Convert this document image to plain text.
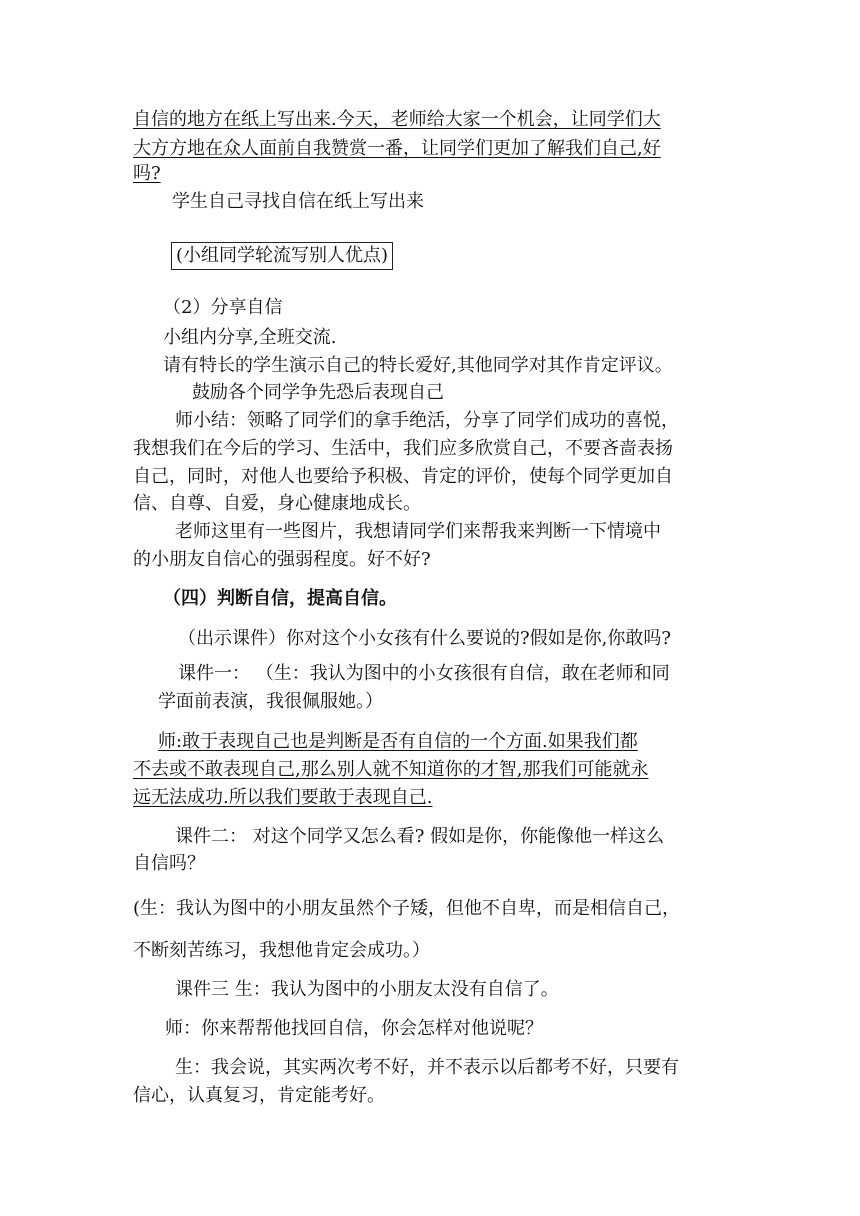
自信的地方在纸上写出来.今天，老师给大家一个机会，让同学们大
大方方地在众人面前自我赞赏一番，让同学们更加了解我们自己,好
吗?
学生自己寻找自信在纸上写出来
(小组同学轮流写别人优点)
（2）分享自信
小组内分享,全班交流.
请有特长的学生演示自己的特长爱好,其他同学对其作肯定评议。
鼓励各个同学争先恐后表现自己
师小结：领略了同学们的拿手绝活，分享了同学们成功的喜悦，
我想我们在今后的学习、生活中，我们应多欣赏自己，不要吝啬表扬
自己，同时，对他人也要给予积极、肯定的评价，使每个同学更加自
信、自尊、自爱，身心健康地成长。
老师这里有一些图片，我想请同学们来帮我来判断一下情境中
的小朋友自信心的强弱程度。好不好?
（四）判断自信，提高自信。
（出示课件）你对这个小女孩有什么要说的?假如是你,你敢吗?
课件一： （生：我认为图中的小女孩很有自信，敢在老师和同
学面前表演，我很佩服她。）
师:敢于表现自己也是判断是否有自信的一个方面.如果我们都
不去或不敢表现自己,那么别人就不知道你的才智,那我们可能就永
远无法成功.所以我们要敢于表现自己.
课件二： 对这个同学又怎么看? 假如是你，你能像他一样这么
自信吗？
(生：我认为图中的小朋友虽然个子矮，但他不自卑，而是相信自己，
不断刻苦练习，我想他肯定会成功。）
课件三 生：我认为图中的小朋友太没有自信了。
师：你来帮帮他找回自信，你会怎样对他说呢？
生：我会说，其实两次考不好，并不表示以后都考不好，只要有
信心，认真复习，肯定能考好。
